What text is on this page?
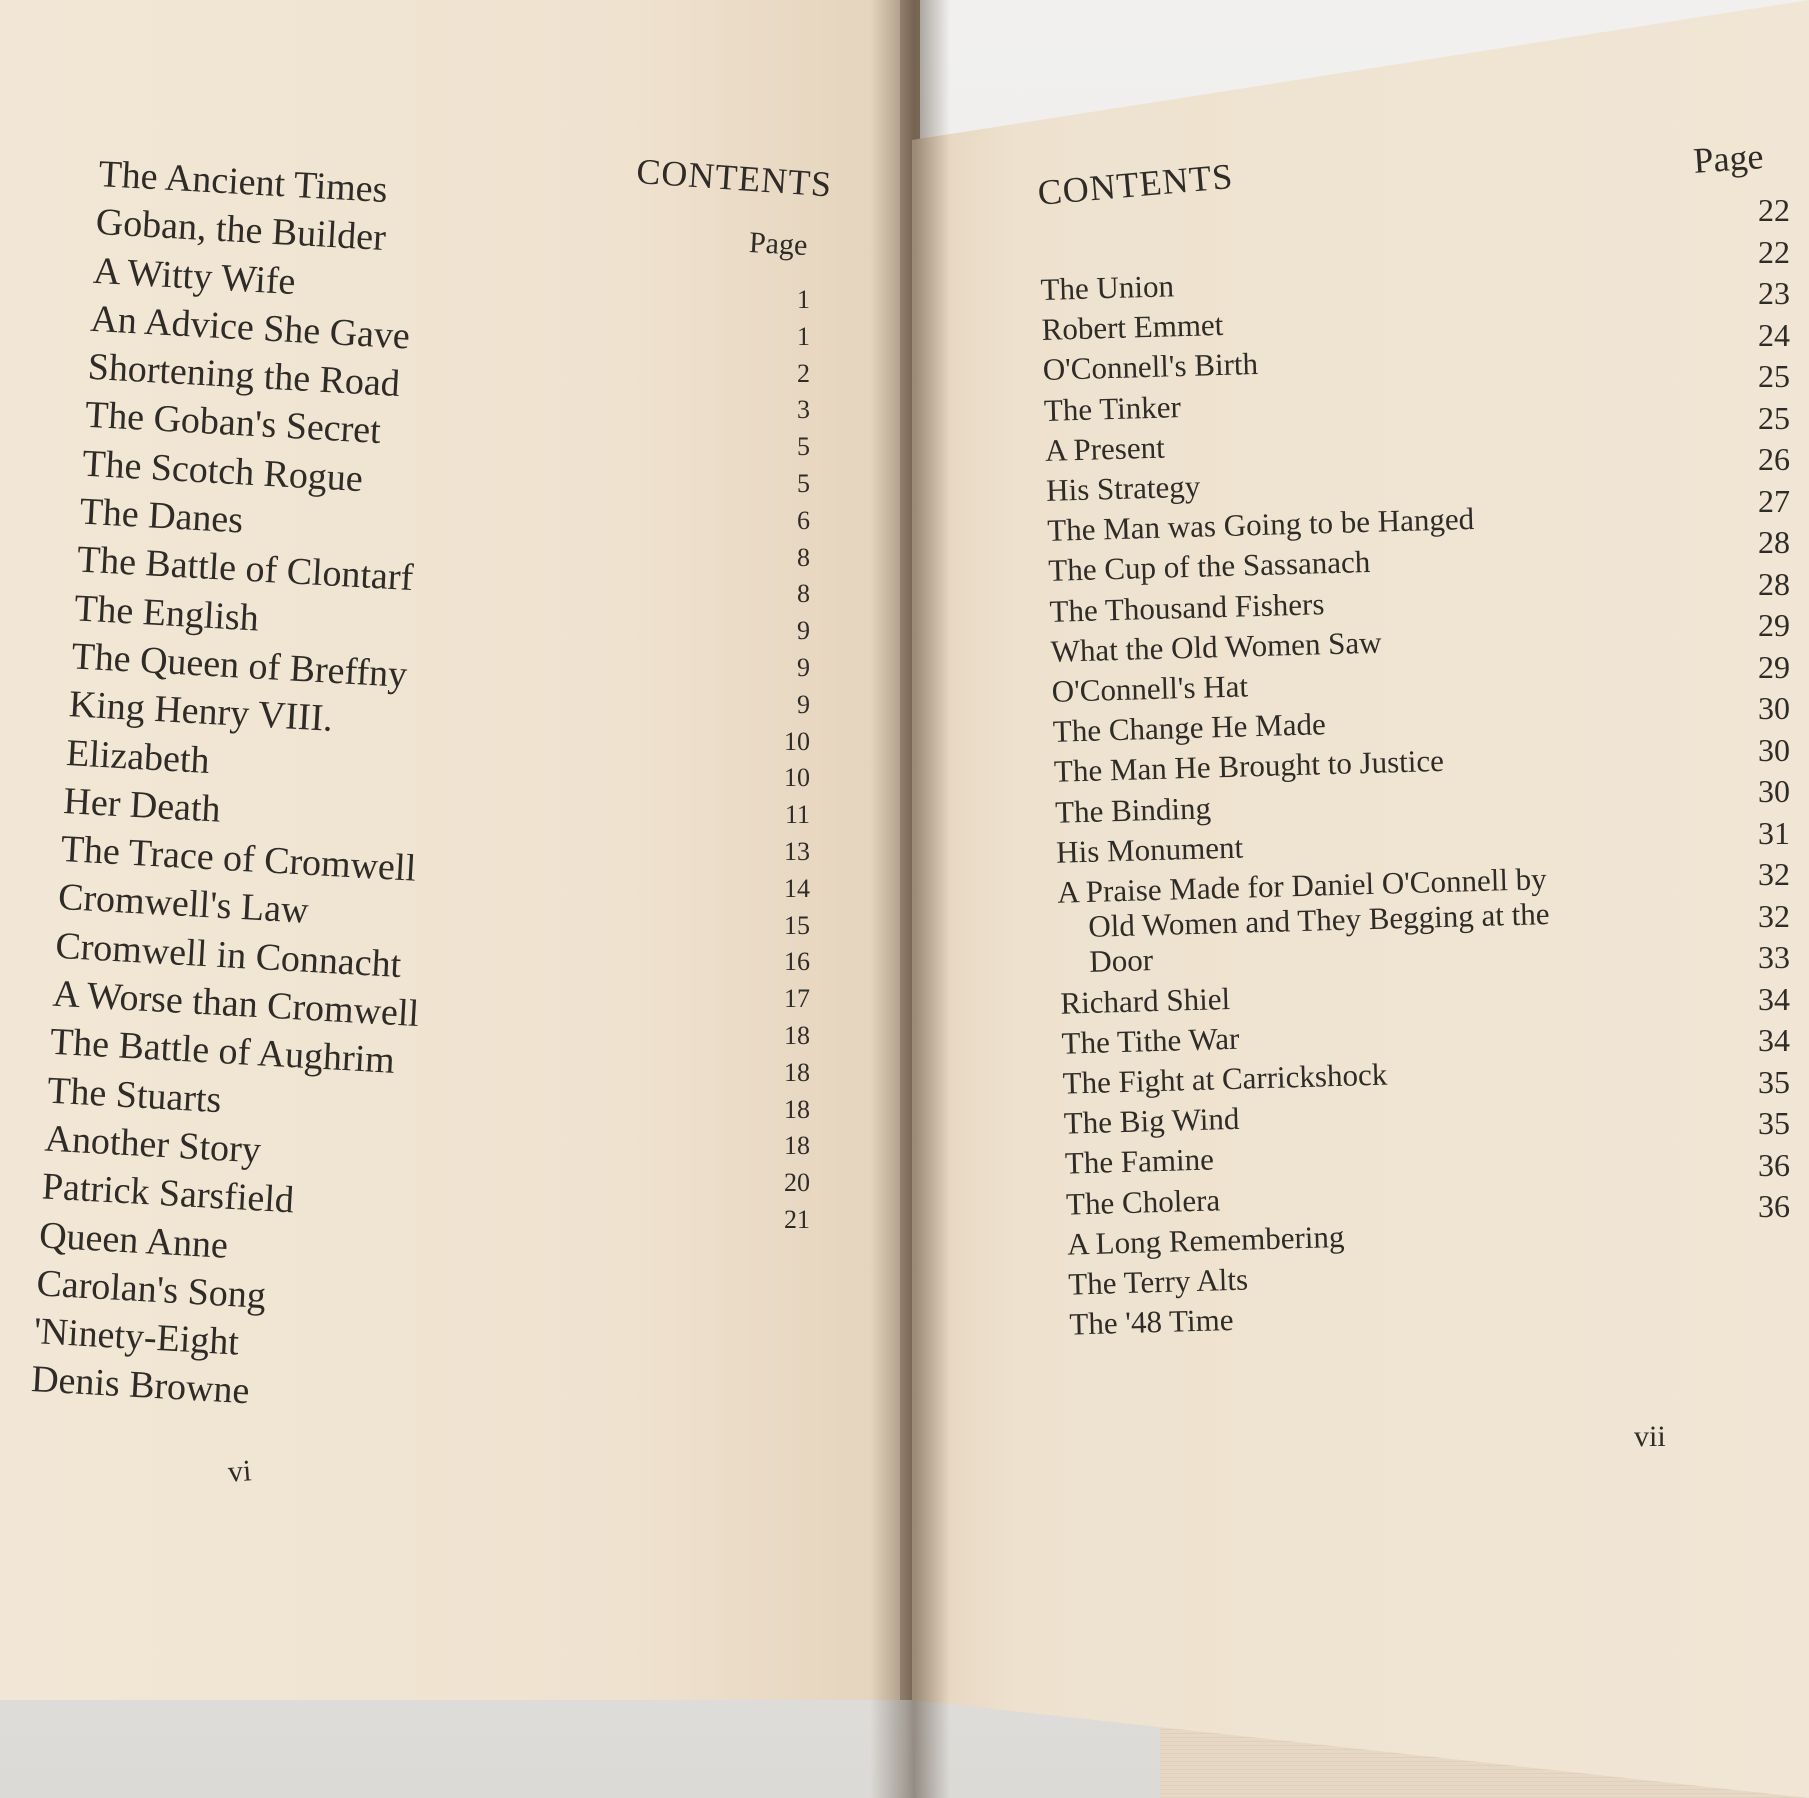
CONTENTS
Page
The Ancient Times
Goban, the Builder
A Witty Wife
An Advice She Gave
Shortening the Road
The Goban's Secret
The Scotch Rogue
The Danes
The Battle of Clontarf
The English
The Queen of Breffny
King Henry VIII.
Elizabeth
Her Death
The Trace of Cromwell
Cromwell's Law
Cromwell in Connacht
A Worse than Cromwell
The Battle of Aughrim
The Stuarts
Another Story
Patrick Sarsfield
Queen Anne
Carolan's Song
'Ninety-Eight
Denis Browne
1
1
2
3
5
5
6
8
8
9
9
9
10
10
11
13
14
15
16
17
18
18
18
18
20
21
vi
CONTENTS	Page
The Union
Robert Emmet
O'Connell's Birth
The Tinker
A Present
His Strategy
The Man was Going to be Hanged
The Cup of the Sassanach
The Thousand Fishers
What the Old Women Saw
O'Connell's Hat
The Change He Made
The Man He Brought to Justice
The Binding
His Monument
A Praise Made for Daniel O'Connell by
Old Women and They Begging at the
Door
Richard Shiel
The Tithe War
The Fight at Carrickshock
The Big Wind
The Famine
The Cholera
A Long Remembering
The Terry Alts
The '48 Time
22
22
23
24
25
25
26
27
28
28
29
29
30
30
30
31
32
32
33
34
34
35
35
36
36
vii
